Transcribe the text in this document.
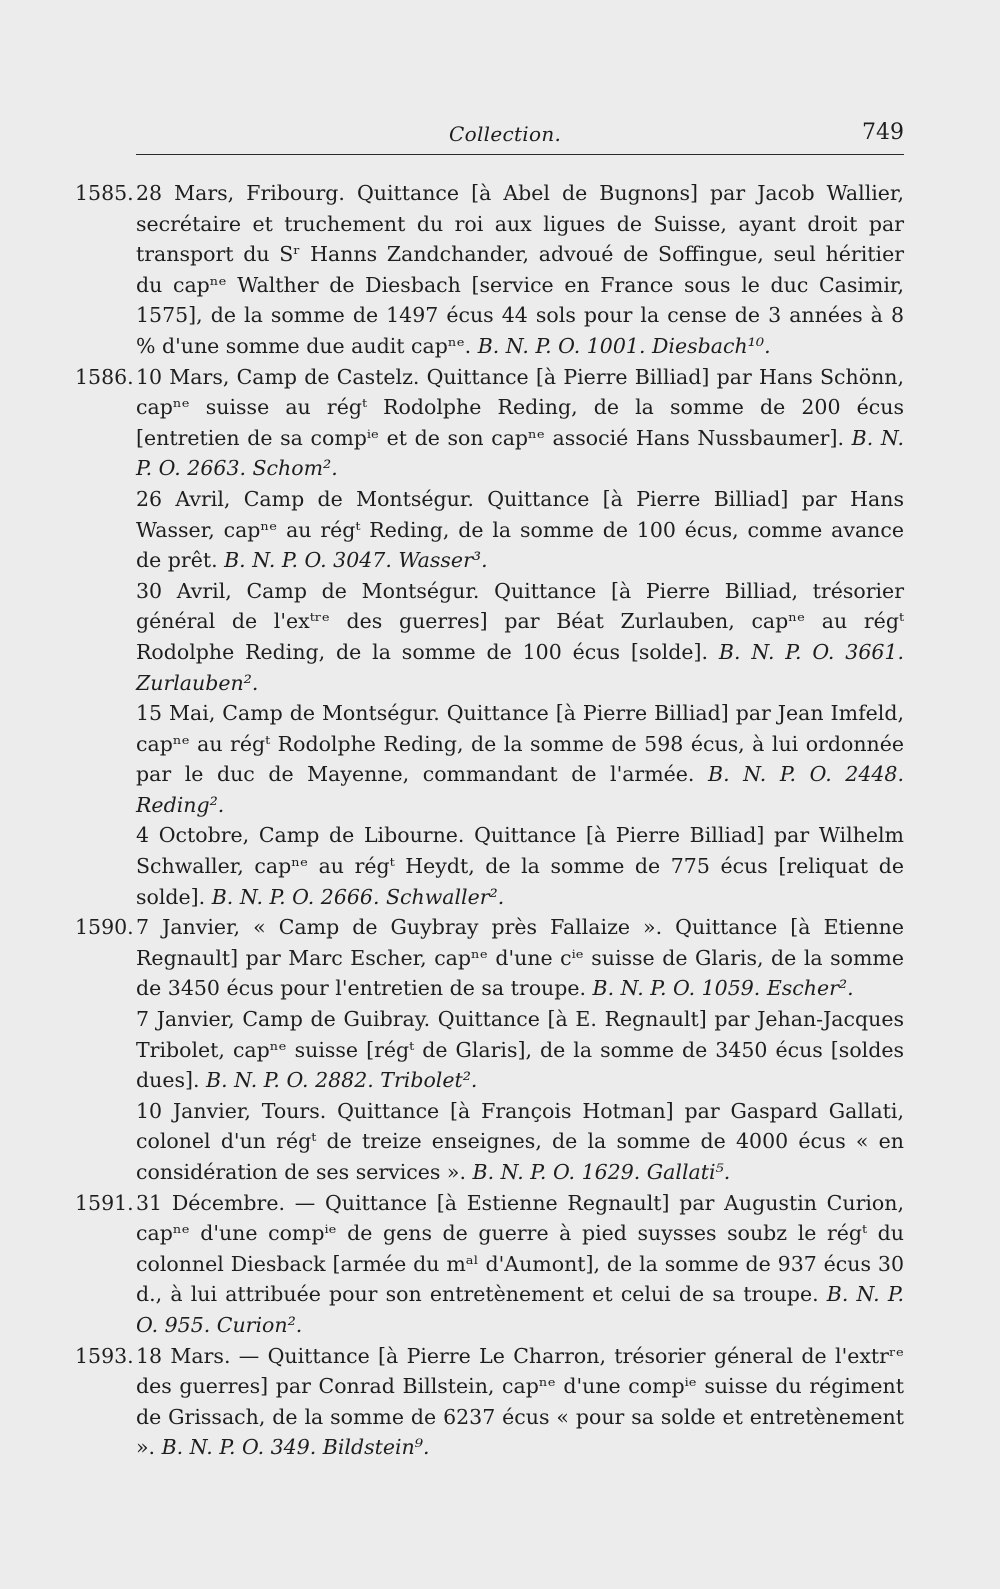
Collection.	749
1585. 28 Mars, Fribourg. Quittance [à Abel de Bugnons] par Jacob Wallier, secrétaire et truchement du roi aux ligues de Suisse, ayant droit par transport du Sʳ Hanns Zandchander, advoué de Soffingue, seul héritier du capⁿᵉ Walther de Diesbach [service en France sous le duc Casimir, 1575], de la somme de 1497 écus 44 sols pour la cense de 3 années à 8 % d'une somme due audit capⁿᵉ. B. N. P. O. 1001. Diesbach¹⁰.

1586. 10 Mars, Camp de Castelz. Quittance [à Pierre Billiad] par Hans Schönn, capⁿᵉ suisse au régᵗ Rodolphe Reding, de la somme de 200 écus [entretien de sa compⁱᵉ et de son capⁿᵉ associé Hans Nussbaumer]. B. N. P. O. 2663. Schom².

26 Avril, Camp de Montségur. Quittance [à Pierre Billiad] par Hans Wasser, capⁿᵉ au régᵗ Reding, de la somme de 100 écus, comme avance de prêt. B. N. P. O. 3047. Wasser³.

30 Avril, Camp de Montségur. Quittance [à Pierre Billiad, trésorier général de l'exᵗʳᵉ des guerres] par Béat Zurlauben, capⁿᵉ au régᵗ Rodolphe Reding, de la somme de 100 écus [solde]. B. N. P. O. 3661. Zurlauben².

15 Mai, Camp de Montségur. Quittance [à Pierre Billiad] par Jean Imfeld, capⁿᵉ au régᵗ Rodolphe Reding, de la somme de 598 écus, à lui ordonnée par le duc de Mayenne, commandant de l'armée. B. N. P. O. 2448. Reding².

4 Octobre, Camp de Libourne. Quittance [à Pierre Billiad] par Wilhelm Schwaller, capⁿᵉ au régᵗ Heydt, de la somme de 775 écus [reliquat de solde]. B. N. P. O. 2666. Schwaller².

1590. 7 Janvier, « Camp de Guybray près Fallaize ». Quittance [à Etienne Regnault] par Marc Escher, capⁿᵉ d'une cⁱᵉ suisse de Glaris, de la somme de 3450 écus pour l'entretien de sa troupe. B. N. P. O. 1059. Escher².

7 Janvier, Camp de Guibray. Quittance [à E. Regnault] par Jehan-Jacques Tribolet, capⁿᵉ suisse [régᵗ de Glaris], de la somme de 3450 écus [soldes dues]. B. N. P. O. 2882. Tribolet².

10 Janvier, Tours. Quittance [à François Hotman] par Gaspard Gallati, colonel d'un régᵗ de treize enseignes, de la somme de 4000 écus « en considération de ses services ». B. N. P. O. 1629. Gallati⁵.

1591. 31 Décembre. — Quittance [à Estienne Regnault] par Augustin Curion, capⁿᵉ d'une compⁱᵉ de gens de guerre à pied suysses soubz le régᵗ du colonnel Diesback [armée du mᵃˡ d'Aumont], de la somme de 937 écus 30 d., à lui attribuée pour son entretènement et celui de sa troupe. B. N. P. O. 955. Curion².

1593. 18 Mars. — Quittance [à Pierre Le Charron, trésorier géneral de l'extrʳᵉ des guerres] par Conrad Billstein, capⁿᵉ d'une compⁱᵉ suisse du régiment de Grissach, de la somme de 6237 écus « pour sa solde et entretènement ». B. N. P. O. 349. Bildstein⁹.
